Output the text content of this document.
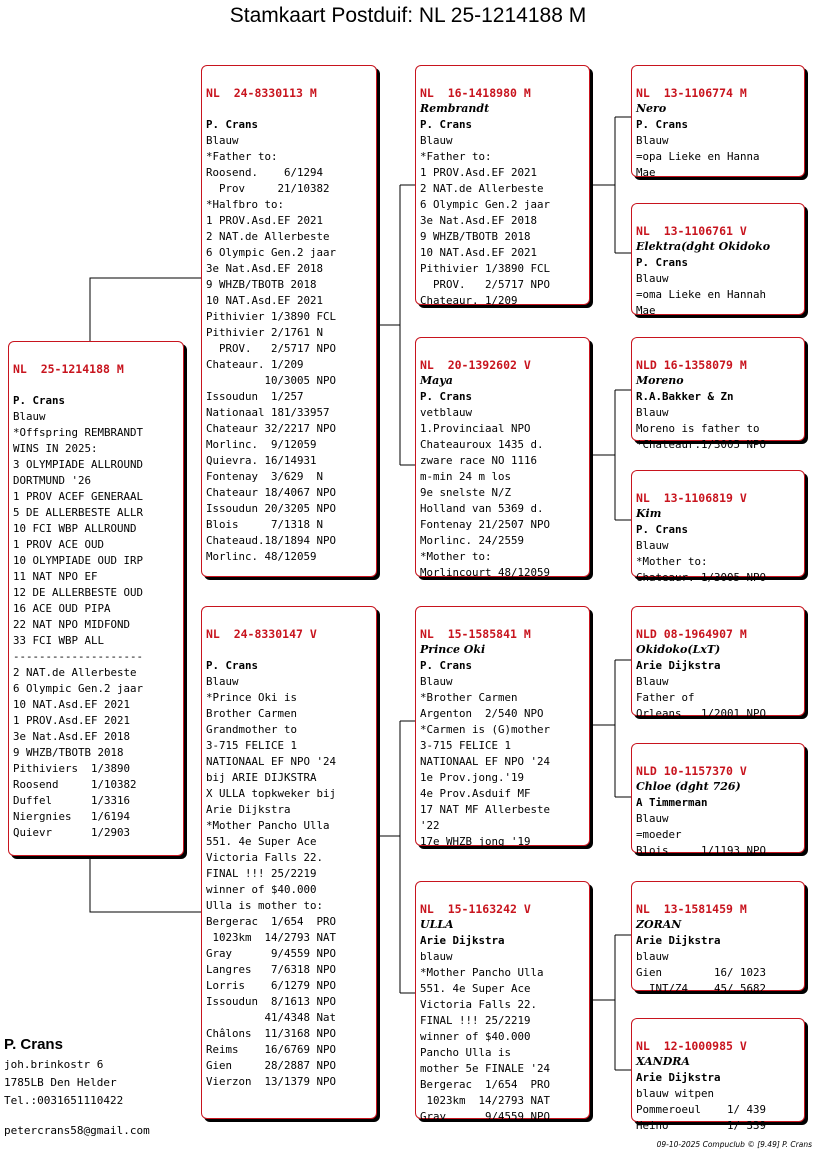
Stamkaart Postduif: NL 25-1214188 M

NL  25-1214188 M
P. Crans
Blauw
*Offspring REMBRANDT
WINS IN 2025:
3 OLYMPIADE ALLROUND
DORTMUND '26
1 PROV ACEF GENERAAL
5 DE ALLERBESTE ALLR
10 FCI WBP ALLROUND
1 PROV ACE OUD
10 OLYMPIADE OUD IRP
11 NAT NPO EF
12 DE ALLERBESTE OUD
16 ACE OUD PIPA
22 NAT NPO MIDFOND
33 FCI WBP ALL
--------------------
2 NAT.de Allerbeste
6 Olympic Gen.2 jaar
10 NAT.Asd.EF 2021
1 PROV.Asd.EF 2021
3e Nat.Asd.EF 2018
9 WHZB/TBOTB 2018
Pithiviers  1/3890
Roosend     1/10382
Duffel      1/3316
Niergnies   1/6194
Quievr      1/2903

NL  24-8330113 M
P. Crans
Blauw
*Father to:
Roosend.    6/1294
Prov     21/10382
*Halfbro to:
1 PROV.Asd.EF 2021
2 NAT.de Allerbeste
6 Olympic Gen.2 jaar
3e Nat.Asd.EF 2018
9 WHZB/TBOTB 2018
10 NAT.Asd.EF 2021
Pithivier 1/3890 FCL
Pithivier 2/1761 N
PROV.   2/5717 NPO
Chateaur. 1/209
10/3005 NPO
Issoudun  1/257
Nationaal 181/33957
Chateaur 32/2217 NPO
Morlinc.  9/12059
Quievra. 16/14931
Fontenay  3/629  N
Chateaur 18/4067 NPO
Issoudun 20/3205 NPO
Blois     7/1318 N
Chateaud.18/1894 NPO
Morlinc. 48/12059

NL  24-8330147 V
P. Crans
Blauw
*Prince Oki is
Brother Carmen
Grandmother to
3-715 FELICE 1
NATIONAAL EF NPO '24
bij ARIE DIJKSTRA
X ULLA topkweker bij
Arie Dijkstra
*Mother Pancho Ulla
551. 4e Super Ace
Victoria Falls 22.
FINAL !!! 25/2219
winner of $40.000
Ulla is mother to:
Bergerac  1/654  PRO
1023km  14/2793 NAT
Gray      9/4559 NPO
Langres   7/6318 NPO
Lorris    6/1279 NPO
Issoudun  8/1613 NPO
41/4348 Nat
Châlons  11/3168 NPO
Reims    16/6769 NPO
Gien     28/2887 NPO
Vierzon  13/1379 NPO

NL  16-1418980 M
Rembrandt
P. Crans
Blauw
*Father to:
1 PROV.Asd.EF 2021
2 NAT.de Allerbeste
6 Olympic Gen.2 jaar
3e Nat.Asd.EF 2018
9 WHZB/TBOTB 2018
10 NAT.Asd.EF 2021
Pithivier 1/3890 FCL
PROV.   2/5717 NPO
Chateaur. 1/209

NL  20-1392602 V
Maya
P. Crans
vetblauw
1.Provinciaal NPO
Chateauroux 1435 d.
zware race NO 1116
m-min 24 m los
9e snelste N/Z
Holland van 5369 d.
Fontenay 21/2507 NPO
Morlinc. 24/2559
*Mother to:
Morlincourt 48/12059

NL  15-1585841 M
Prince Oki
P. Crans
Blauw
*Brother Carmen
Argenton  2/540 NPO
*Carmen is (G)mother
3-715 FELICE 1
NATIONAAL EF NPO '24
1e Prov.jong.'19
4e Prov.Asduif MF
17 NAT MF Allerbeste
'22
17e WHZB jong '19

NL  15-1163242 V
ULLA
Arie Dijkstra
blauw
*Mother Pancho Ulla
551. 4e Super Ace
Victoria Falls 22.
FINAL !!! 25/2219
winner of $40.000
Pancho Ulla is
mother 5e FINALE '24
Bergerac  1/654  PRO
1023km  14/2793 NAT
Gray      9/4559 NPO

NL  13-1106774 M
Nero
P. Crans
Blauw
=opa Lieke en Hanna
Mae

NL  13-1106761 V
Elektra(dght Okidoko
P. Crans
Blauw
=oma Lieke en Hannah
Mae

NLD 16-1358079 M
Moreno
R.A.Bakker & Zn
Blauw
Moreno is father to
*Chateaur.1/3005 NPO

NL  13-1106819 V
Kim
P. Crans
Blauw
*Mother to:
Chateaur. 1/3005 NPO

NLD 08-1964907 M
Okidoko(LxT)
Arie Dijkstra
Blauw
Father of
Orleans   1/2001 NPO

NLD 10-1157370 V
Chloe (dght 726)
A Timmerman
Blauw
=moeder
Blois     1/1193 NPO

NL  13-1581459 M
ZORAN
Arie Dijkstra
blauw
Gien        16/ 1023
INT/Z4    45/ 5682

NL  12-1000985 V
XANDRA
Arie Dijkstra
blauw witpen
Pommeroeul    1/ 439
Heino         1/ 339

P. Crans
joh.brinkostr 6
1785LB Den Helder
Tel.:0031651110422
petercrans58@gmail.com
09-10-2025 Compuclub © [9.49] P. Crans
